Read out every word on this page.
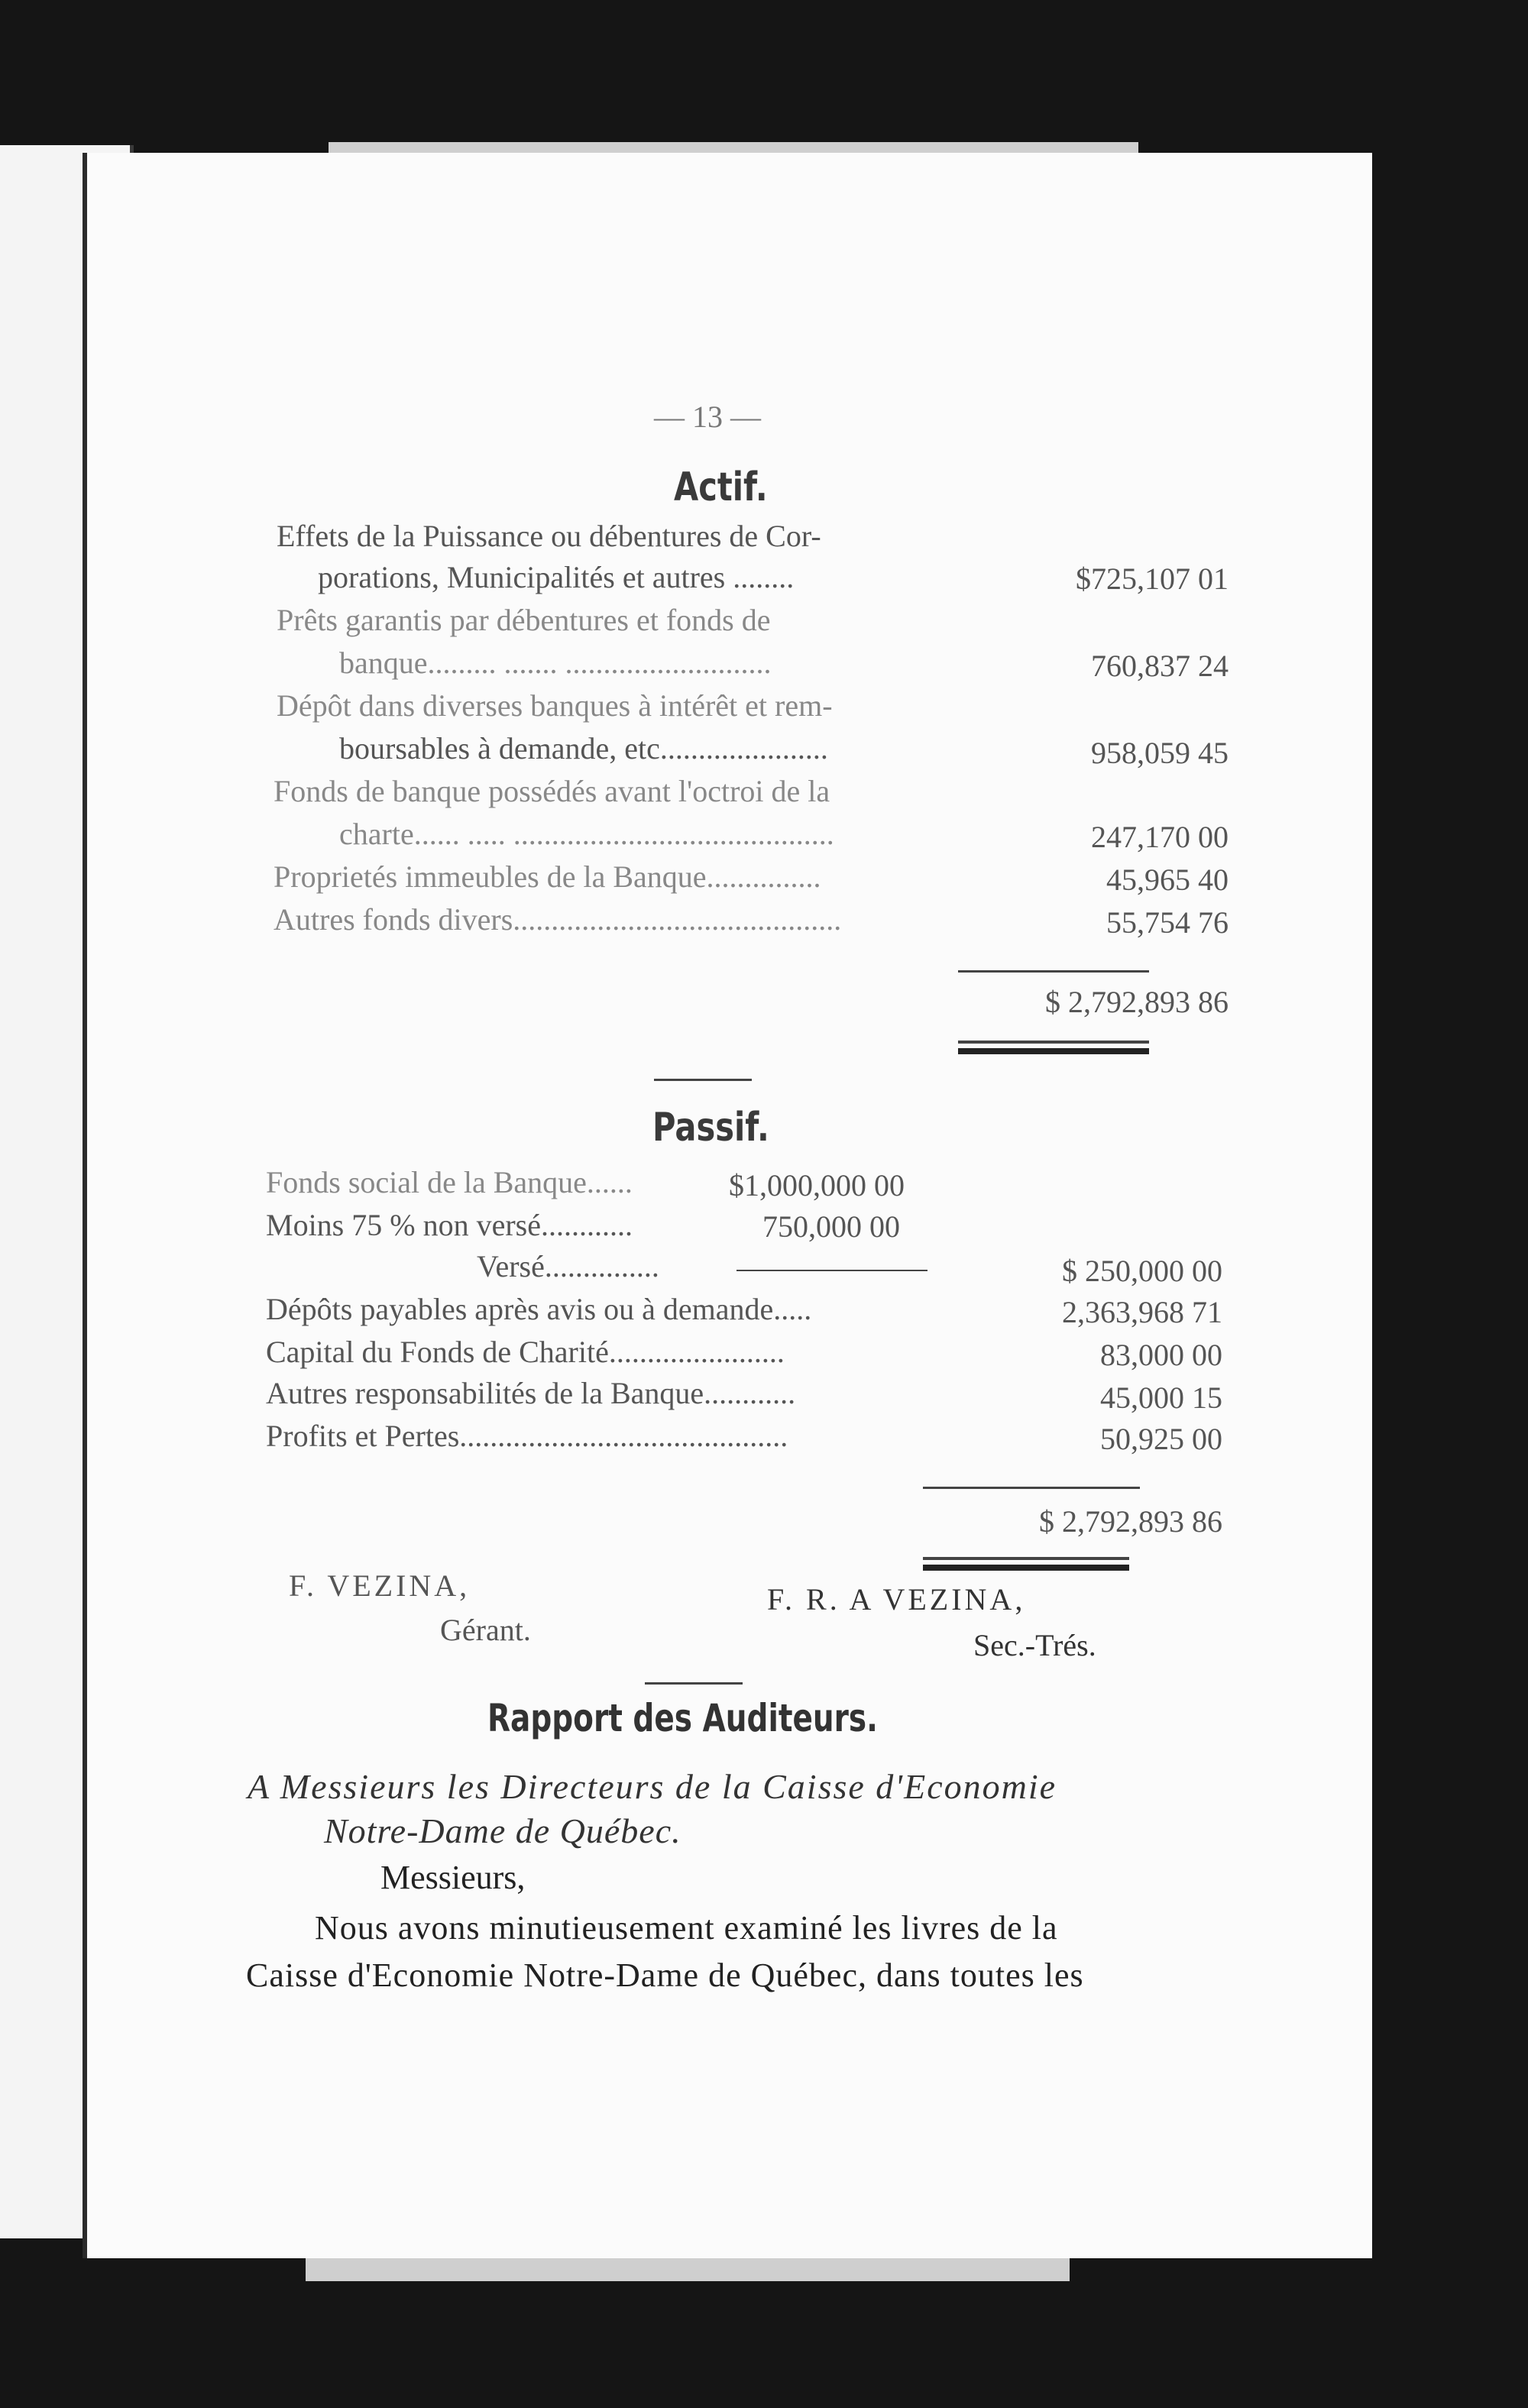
— 13 —
Actif.
Effets de la Puissance ou débentures de Cor-
porations, Municipalités et autres ........	$725,107 01
Prêts garantis par débentures et fonds de
banque......... ....... ...........................	760,837 24
Dépôt dans diverses banques à intérêt et rem-
boursables à demande, etc......................	958,059 45
Fonds de banque possédés avant l'octroi de la
charte...... ..... ..........................................	247,170 00
Proprietés immeubles de la Banque...............	45,965 40
Autres fonds divers...........................................	55,754 76
$ 2,792,893 86
Passif.
Fonds social de la Banque......	$1,000,000 00
Moins 75 % non versé............	750,000 00
Versé...............	$ 250,000 00
Dépôts payables après avis ou à demande.....	2,363,968 71
Capital du Fonds de Charité.......................	83,000 00
Autres responsabilités de la Banque............	45,000 15
Profits et Pertes...........................................	50,925 00
$ 2,792,893 86
F. VEZINA,
Gérant.
F. R. A VEZINA,
Sec.-Trés.
Rapport des Auditeurs.
A Messieurs les Directeurs de la Caisse d'Economie
Notre-Dame de Québec.
Messieurs,
Nous avons minutieusement examiné les livres de la
Caisse d'Economie Notre-Dame de Québec, dans toutes les
